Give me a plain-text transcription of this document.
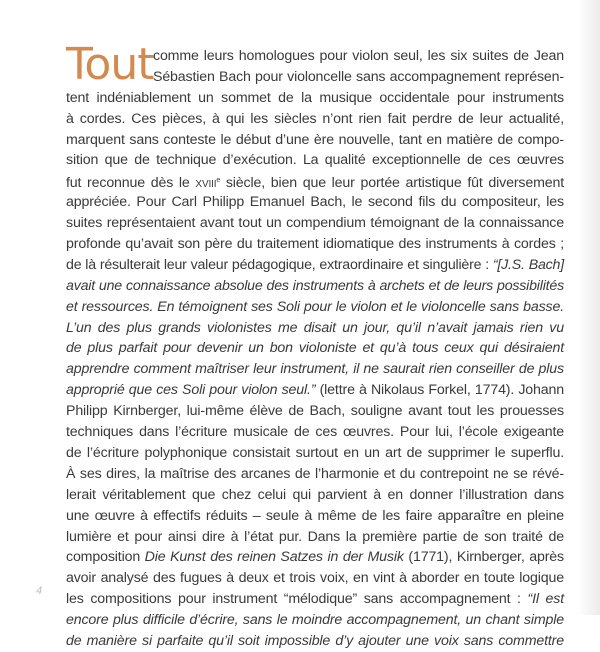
Tout comme leurs homologues pour violon seul, les six suites de Jean
Sébastien Bach pour violoncelle sans accompagnement représen-
tent indéniablement un sommet de la musique occidentale pour instruments
à cordes. Ces pièces, à qui les siècles n’ont rien fait perdre de leur actualité,
marquent sans conteste le début d’une ère nouvelle, tant en matière de compo-
sition que de technique d’exécution. La qualité exceptionnelle de ces œuvres
fut reconnue dès le XVIIIe siècle, bien que leur portée artistique fût diversement
appréciée. Pour Carl Philipp Emanuel Bach, le second fils du compositeur, les
suites représentaient avant tout un compendium témoignant de la connaissance
profonde qu’avait son père du traitement idiomatique des instruments à cordes ;
de là résulterait leur valeur pédagogique, extraordinaire et singulière : “[J.S. Bach]
avait une connaissance absolue des instruments à archets et de leurs possibilités
et ressources. En témoignent ses Soli pour le violon et le violoncelle sans basse.
L’un des plus grands violonistes me disait un jour, qu’il n’avait jamais rien vu
de plus parfait pour devenir un bon violoniste et qu’à tous ceux qui désiraient
apprendre comment maîtriser leur instrument, il ne saurait rien conseiller de plus
approprié que ces Soli pour violon seul.” (lettre à Nikolaus Forkel, 1774). Johann
Philipp Kirnberger, lui-même élève de Bach, souligne avant tout les prouesses
techniques dans l’écriture musicale de ces œuvres. Pour lui, l’école exigeante
de l’écriture polyphonique consistait surtout en un art de supprimer le superflu.
À ses dires, la maîtrise des arcanes de l’harmonie et du contrepoint ne se révé-
lerait véritablement que chez celui qui parvient à en donner l’illustration dans
une œuvre à effectifs réduits – seule à même de les faire apparaître en pleine
lumière et pour ainsi dire à l’état pur. Dans la première partie de son traité de
composition Die Kunst des reinen Satzes in der Musik (1771), Kirnberger, après
avoir analysé des fugues à deux et trois voix, en vint à aborder en toute logique
les compositions pour instrument “mélodique” sans accompagnement : “Il est
encore plus difficile d’écrire, sans le moindre accompagnement, un chant simple
de manière si parfaite qu’il soit impossible d’y ajouter une voix sans commettre
4
